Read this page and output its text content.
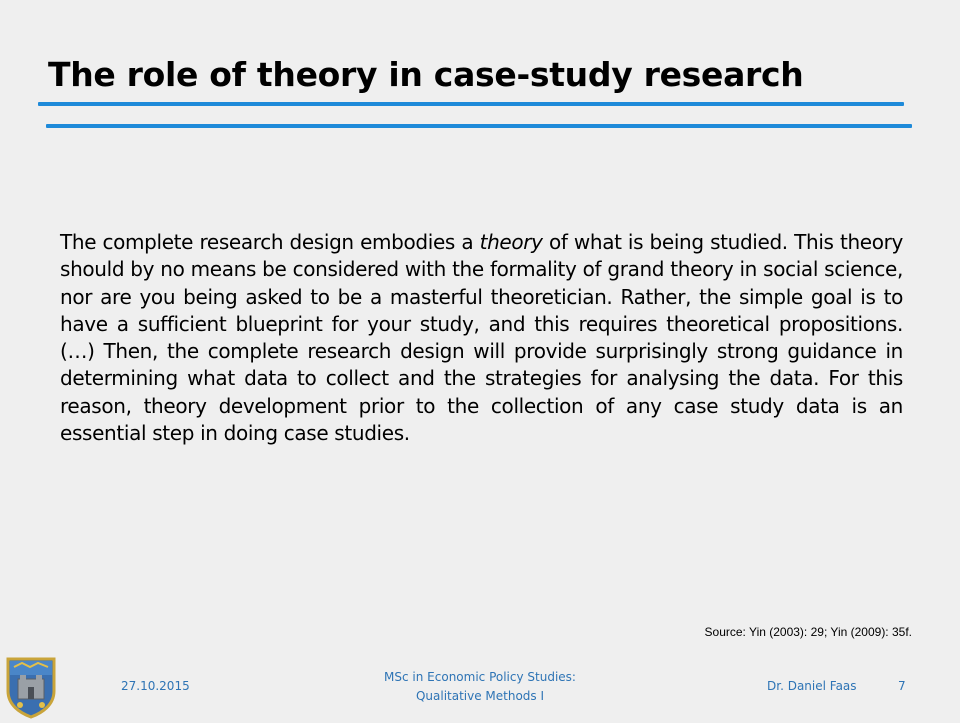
The role of theory in case-study research

The complete research design embodies a theory of what is being studied. This theory should by no means be considered with the formality of grand theory in social science, nor are you being asked to be a masterful theoretician. Rather, the simple goal is to have a sufficient blueprint for your study, and this requires theoretical propositions. (…) Then, the complete research design will provide surprisingly strong guidance in determining what data to collect and the strategies for analysing the data. For this reason, theory development prior to the collection of any case study data is an essential step in doing case studies.

Source: Yin (2003): 29; Yin (2009): 35f.
27.10.2015
MSc in Economic Policy Studies:
Qualitative Methods I
Dr. Daniel Faas	7
